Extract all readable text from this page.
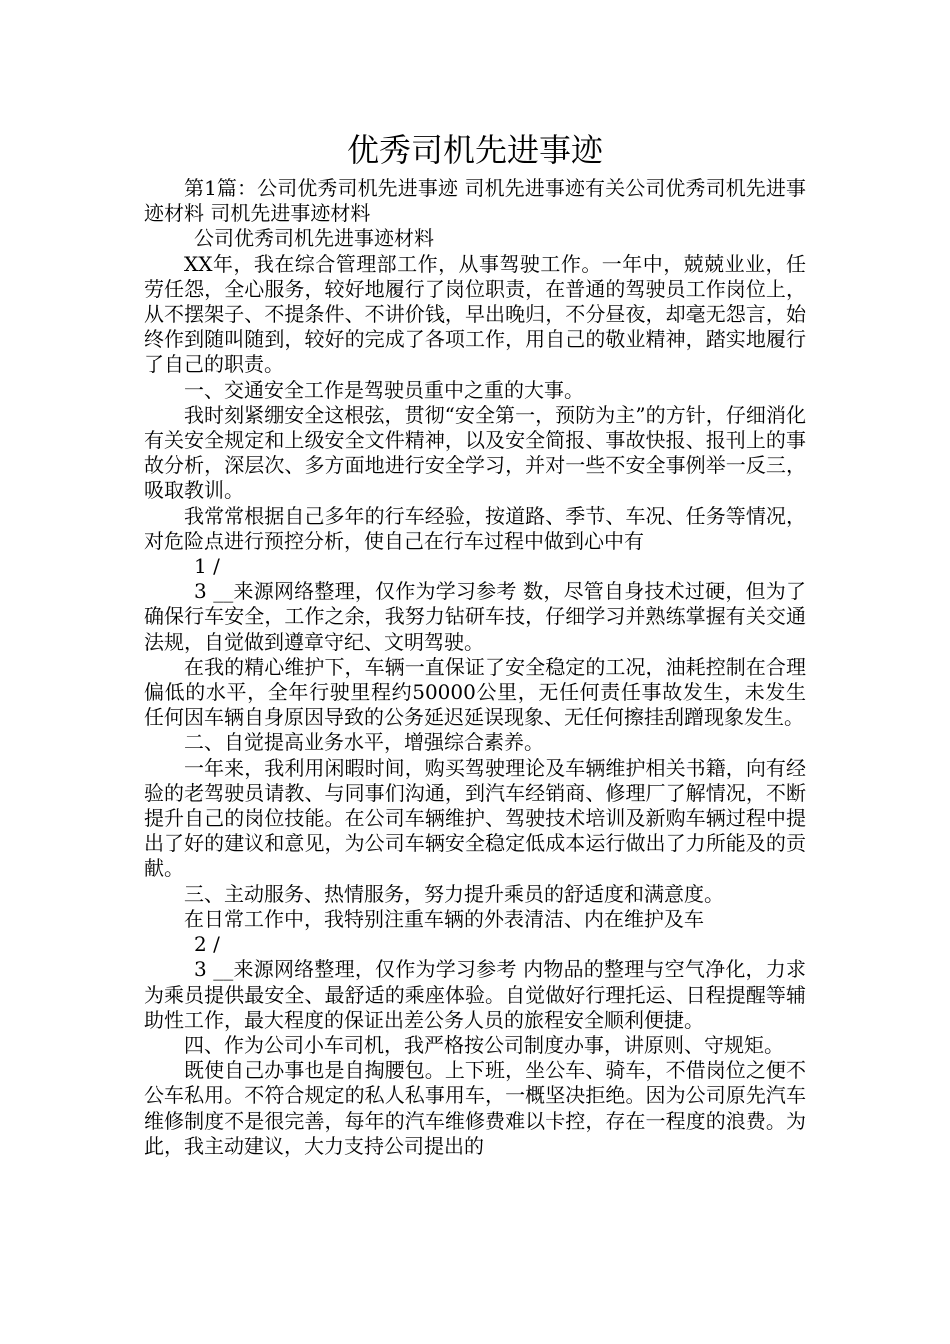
优秀司机先进事迹

第1篇：公司优秀司机先进事迹 司机先进事迹有关公司优秀司机先进事迹材料 司机先进事迹材料

公司优秀司机先进事迹材料

XX年，我在综合管理部工作，从事驾驶工作。一年中，兢兢业业，任劳任怨，全心服务，较好地履行了岗位职责，在普通的驾驶员工作岗位上，从不摆架子、不提条件、不讲价钱，早出晚归，不分昼夜，却毫无怨言，始终作到随叫随到，较好的完成了各项工作，用自己的敬业精神，踏实地履行了自己的职责。

一、交通安全工作是驾驶员重中之重的大事。

我时刻紧绷安全这根弦，贯彻“安全第一，预防为主”的方针，仔细消化有关安全规定和上级安全文件精神，以及安全简报、事故快报、报刊上的事故分析，深层次、多方面地进行安全学习，并对一些不安全事例举一反三，吸取教训。

我常常根据自己多年的行车经验，按道路、季节、车况、任务等情况，对危险点进行预控分析，使自己在行车过程中做到心中有

1 /

3 __来源网络整理，仅作为学习参考 数，尽管自身技术过硬，但为了确保行车安全，工作之余，我努力钻研车技，仔细学习并熟练掌握有关交通法规，自觉做到遵章守纪、文明驾驶。

在我的精心维护下，车辆一直保证了安全稳定的工况，油耗控制在合理偏低的水平，全年行驶里程约50000公里，无任何责任事故发生，未发生任何因车辆自身原因导致的公务延迟延误现象、无任何擦挂刮蹭现象发生。

二、自觉提高业务水平，增强综合素养。

一年来，我利用闲暇时间，购买驾驶理论及车辆维护相关书籍，向有经验的老驾驶员请教、与同事们沟通，到汽车经销商、修理厂了解情况，不断提升自己的岗位技能。在公司车辆维护、驾驶技术培训及新购车辆过程中提出了好的建议和意见，为公司车辆安全稳定低成本运行做出了力所能及的贡献。

三、主动服务、热情服务，努力提升乘员的舒适度和满意度。

在日常工作中，我特别注重车辆的外表清洁、内在维护及车

2 /

3 __来源网络整理，仅作为学习参考 内物品的整理与空气净化，力求为乘员提供最安全、最舒适的乘座体验。自觉做好行理托运、日程提醒等辅助性工作，最大程度的保证出差公务人员的旅程安全顺利便捷。

四、作为公司小车司机，我严格按公司制度办事，讲原则、守规矩。

既使自己办事也是自掏腰包。上下班，坐公车、骑车，不借岗位之便不公车私用。不符合规定的私人私事用车，一概坚决拒绝。因为公司原先汽车维修制度不是很完善，每年的汽车维修费难以卡控，存在一程度的浪费。为此，我主动建议，大力支持公司提出的
